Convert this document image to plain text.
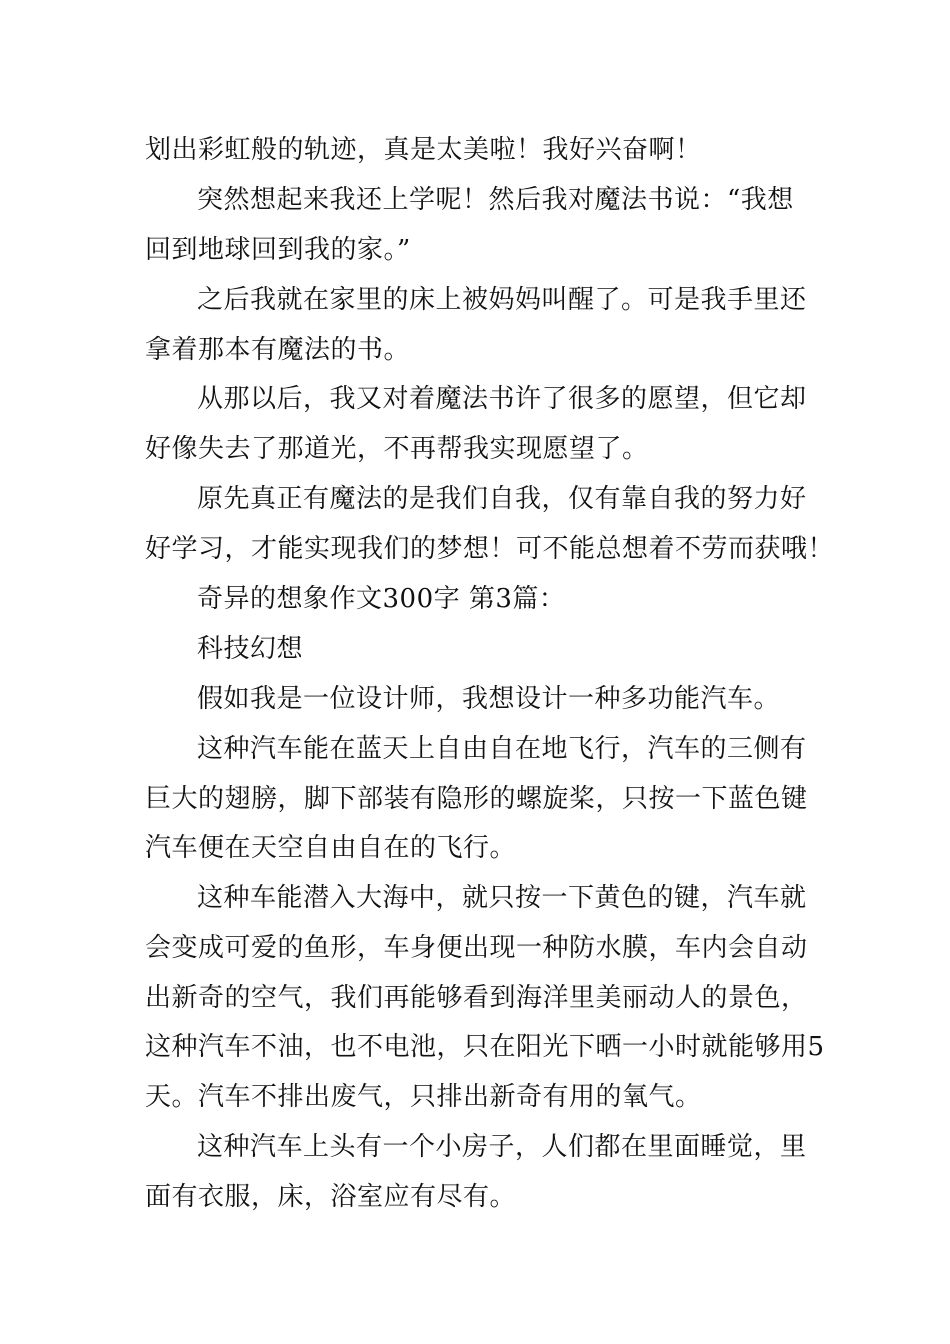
划出彩虹般的轨迹，真是太美啦！我好兴奋啊！
突然想起来我还上学呢！然后我对魔法书说：“我想
回到地球回到我的家。”
之后我就在家里的床上被妈妈叫醒了。可是我手里还
拿着那本有魔法的书。
从那以后，我又对着魔法书许了很多的愿望，但它却
好像失去了那道光，不再帮我实现愿望了。
原先真正有魔法的是我们自我，仅有靠自我的努力好
好学习，才能实现我们的梦想！可不能总想着不劳而获哦！
奇异的想象作文300字 第3篇：
科技幻想
假如我是一位设计师，我想设计一种多功能汽车。
这种汽车能在蓝天上自由自在地飞行，汽车的三侧有
巨大的翅膀，脚下部装有隐形的螺旋桨，只按一下蓝色键
汽车便在天空自由自在的飞行。
这种车能潜入大海中，就只按一下黄色的键，汽车就
会变成可爱的鱼形，车身便出现一种防水膜，车内会自动
出新奇的空气，我们再能够看到海洋里美丽动人的景色，
这种汽车不油，也不电池，只在阳光下晒一小时就能够用5
天。汽车不排出废气，只排出新奇有用的氧气。
这种汽车上头有一个小房子，人们都在里面睡觉，里
面有衣服，床，浴室应有尽有。
